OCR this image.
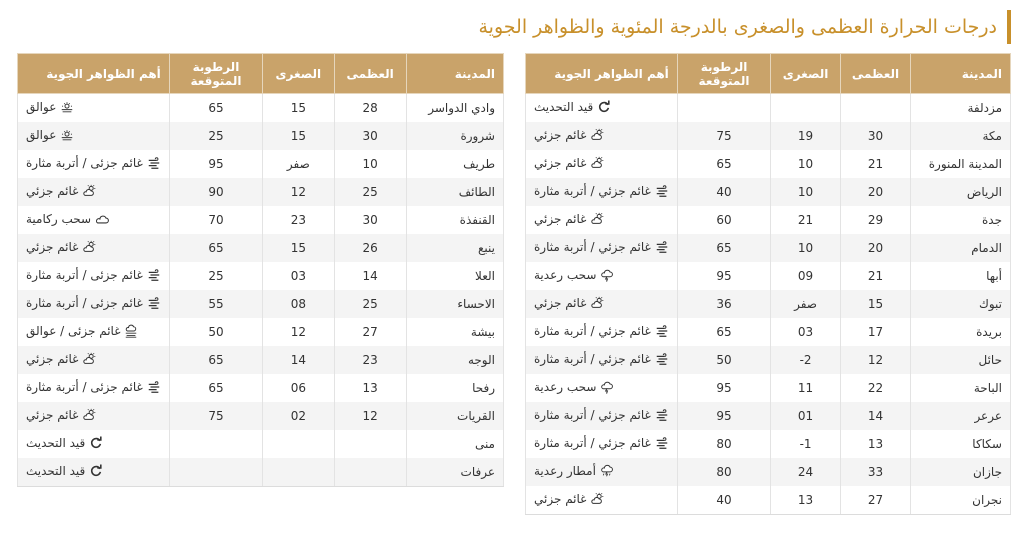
درجات الحرارة العظمى والصغرى بالدرجة المئوية والظواهر الجوية
المدينة	العظمى	الصغرى	الرطوبة المتوقعة	أهم الظواهر الجوية
مزدلفة				قيد التحديث

مكة	30	19	75	غائم جزئي

المدينة المنورة	21	10	65	غائم جزئي

الرياض	20	10	40	غائم جزئي / أتربة مثارة

جدة	29	21	60	غائم جزئي

الدمام	20	10	65	غائم جزئي / أتربة مثارة

أبها	21	09	95	سحب رعدية

تبوك	15	صفر	36	غائم جزئي

بريدة	17	03	65	غائم جزئي / أتربة مثارة

حائل	12	2-	50	غائم جزئي / أتربة مثارة

الباحة	22	11	95	سحب رعدية

عرعر	14	01	95	غائم جزئي / أتربة مثارة

سكاكا	13	1-	80	غائم جزئي / أتربة مثارة

جازان	33	24	80	أمطار رعدية

نجران	27	13	40	غائم جزئي
المدينة	العظمى	الصغرى	الرطوبة المتوقعة	أهم الظواهر الجوية
وادي الدواسر	28	15	65	عوالق

شرورة	30	15	25	عوالق

طريف	10	صفر	95	غائم جزئى / أتربة مثارة

الطائف	25	12	90	غائم جزئي

القنفذة	30	23	70	سحب ركامية

ينبع	26	15	65	غائم جزئي

العلا	14	03	25	غائم جزئى / أتربة مثارة

الاحساء	25	08	55	غائم جزئى / أتربة مثارة

بيشة	27	12	50	غائم جزئى / عوالق

الوجه	23	14	65	غائم جزئي

رفحا	13	06	65	غائم جزئى / أتربة مثارة

القريات	12	02	75	غائم جزئي

منى				قيد التحديث

عرفات				قيد التحديث
